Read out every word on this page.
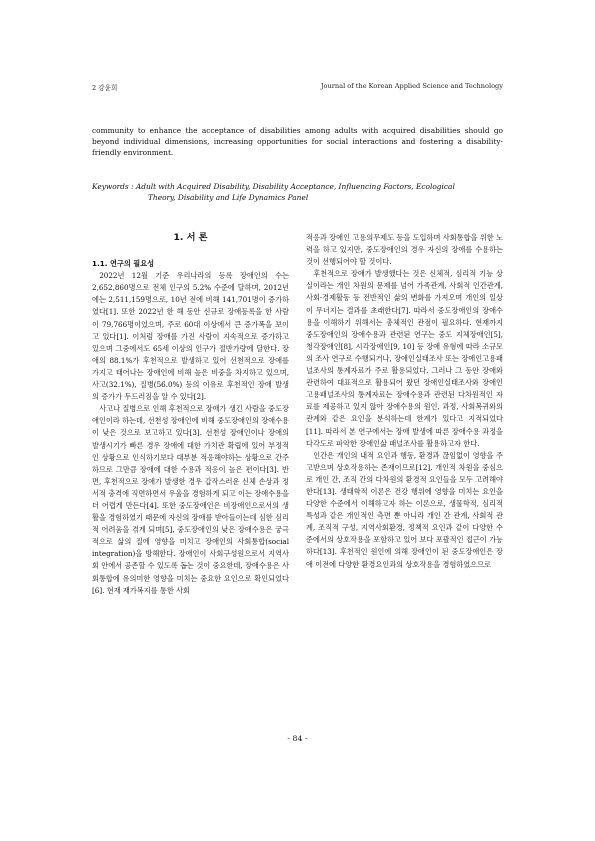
2 강윤희	Journal of the Korean Applied Science and Technology
community to enhance the acceptance of disabilities among adults with acquired disabilities should go beyond individual dimensions, increasing opportunities for social interactions and fostering a disability-friendly environment.
Keywords : Adult with Acquired Disability, Disability Acceptance, Influencing Factors, Ecological
Theory, Disability and Life Dynamics Panel
1. 서 론
1.1. 연구의 필요성

2022년 12월 기준 우리나라의 등록 장애인의 수는 2,652,860명으로 전체 인구의 5.2% 수준에 달하며, 2012년에는 2,511,159명으로, 10년 전에 비해 141,701명이 증가하였다[1]. 또한 2022년 한 해 동안 신규로 장애등록을 한 사람이 79,766명이었으며, 주로 60대 이상에서 큰 증가폭을 보이고 있다[1]. 이처럼 장애를 가진 사람이 지속적으로 증가하고 있으며 그중에서도 65세 이상의 인구가 절반가량에 달한다. 장애의 88.1%가 후천적으로 발생하고 있어 선천적으로 장애를 가지고 태어나는 장애인에 비해 높은 비중을 차지하고 있으며, 사고(32.1%), 질병(56.0%) 등의 이유로 후천적인 장애 발생의 증가가 두드러짐을 알 수 있다[2].

사고나 질병으로 인해 후천적으로 장애가 생긴 사람을 중도장애인이라 하는데, 선천성 장애인에 비해 중도장애인의 장애수용이 낮은 것으로 보고하고 있다[3]. 선천성 장애인이나 장애의 발생시기가 빠른 경우 장애에 대한 가치관 확립에 있어 부정적인 상황으로 인식하기보다 대부분 적응해야하는 상황으로 간주하므로 그만큼 장애에 대한 수용과 적응이 높은 편이다[3]. 반면, 후천적으로 장애가 발생한 경우 갑작스러운 신체 손상과 정서적 충격에 직면하면서 우울을 경험하게 되고 이는 장애수용을 더 어렵게 만든다[4]. 또한 중도장애인은 비장애인으로서의 생활을 경험하였기 때문에 자신의 장애를 받아들이는데 심한 심리적 어려움을 겪게 되며[5], 중도장애인의 낮은 장애수용은 궁극적으로 삶의 질에 영향을 미치고 장애인의 사회통합(social integration)을 방해한다. 장애인이 사회구성원으로서 지역사회 안에서 공존할 수 있도록 돕는 것이 중요한데, 장애수용은 사회통합에 유의미한 영향을 미치는 중요한 요인으로 확인되었다[6]. 현재 재가복지를 통한 사회

적응과 장애인 고용의무제도 등을 도입하며 사회통합을 위한 노력을 하고 있지만, 중도장애인의 경우 자신의 장애를 수용하는 것이 선행되어야 할 것이다.

후천적으로 장애가 발생했다는 것은 신체적, 심리적 기능 상실이라는 개인 차원의 문제를 넘어 가족관계, 사회적 인간관계, 사회·경제활동 등 전반적인 삶의 변화를 가져오며 개인의 일상이 무너지는 결과를 초래한다[7]. 따라서 중도장애인의 장애수용을 이해하기 위해서는 총체적인 관점이 필요하다. 현재까지 중도장애인의 장애수용과 관련된 연구는 중도 지체장애인[5], 청각장애인[8], 시각장애인[9, 10] 등 장애 유형에 따라 소규모의 조사 연구로 수행되거나, 장애인실태조사 또는 장애인고용패널조사의 통계자료가 주로 활용되었다. 그러나 그 동안 장애와 관련하여 대표적으로 활용되어 왔던 장애인실태조사와 장애인고용패널조사의 통계자료는 장애수용과 관련된 다차원적인 자료를 제공하고 있지 않아 장애수용의 원인, 과정, 사회복귀와의 관계와 같은 요인을 분석하는데 한계가 있다고 지적되었다[11]. 따라서 본 연구에서는 장애 발생에 따른 장애수용 과정을 다각도로 파악한 장애인삶 패널조사를 활용하고자 한다.

인간은 개인의 내적 요인과 행동, 환경과 끊임없이 영향을 주고받으며 상호작용하는 존재이므로[12], 개인적 차원을 중심으로 개인 간, 조직 간의 다차원의 환경적 요인들을 모두 고려해야 한다[13]. 생태학적 이론은 건강 행위에 영향을 미치는 요인을 다양한 수준에서 이해하고자 하는 이론으로, 생물학적, 심리적 특성과 같은 개인적인 측면 뿐 아니라 개인 간 관계, 사회적 관계, 조직적 구성, 지역사회환경, 정책적 요인과 같이 다양한 수준에서의 상호작용을 포함하고 있어 보다 포괄적인 접근이 가능하다[13]. 후천적인 원인에 의해 장애인이 된 중도장애인은 장애 이전에 다양한 환경요인과의 상호작용을 경험하였으므로

- 84 -
